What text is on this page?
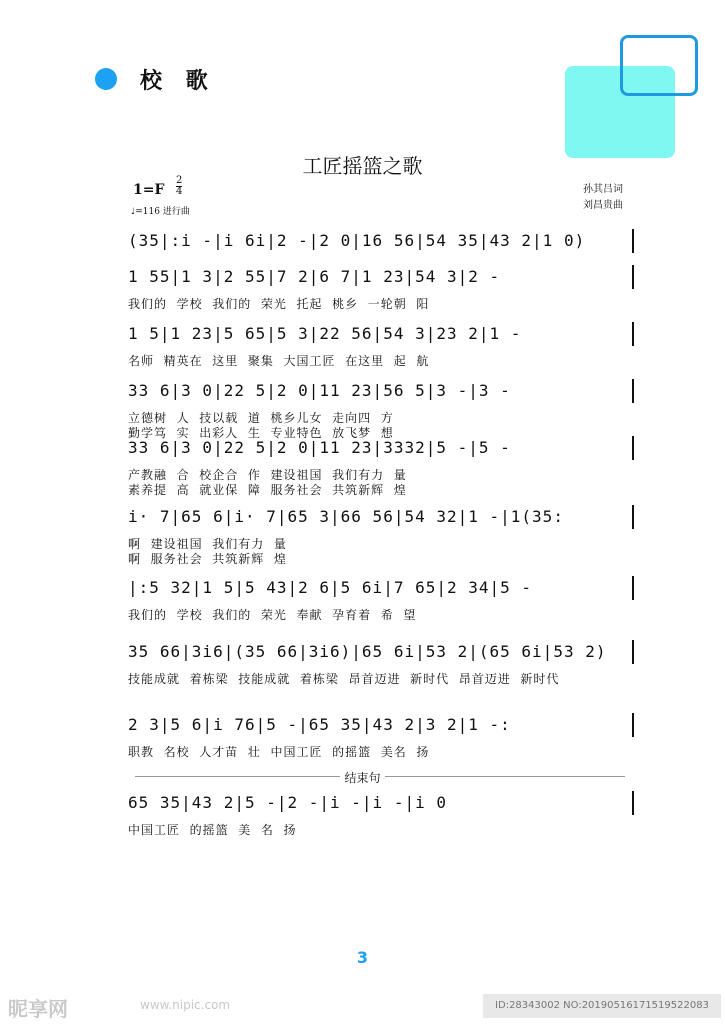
校 歌
工匠摇篮之歌
1=F
2
4
♩=116 进行曲
孙其吕词
刘昌贵曲
(35|:i -|i 6i|2 -|2 0|16 56|54 35|43 2|1 0)
1 55|1 3|2 55|7 2|6 7|1 23|54 3|2 -
我们的  学校  我们的  荣光  托起  桃乡  一轮朝  阳
1 5|1 23|5 65|5 3|22 56|54 3|23 2|1 -
名师  精英在  这里  聚集  大国工匠  在这里  起  航
33 6|3 0|22 5|2 0|11 23|56 5|3 -|3 -
立德树  人  技以载  道  桃乡儿女  走向四  方
勤学笃  实  出彩人  生  专业特色  放飞梦  想
33 6|3 0|22 5|2 0|11 23|3332|5 -|5 -
产教融  合  校企合  作  建设祖国  我们有力  量
素养提  高  就业保  障  服务社会  共筑新辉  煌
i· 7|65 6|i· 7|65 3|66 56|54 32|1 -|1(35:
啊  建设祖国  我们有力  量
啊  服务社会  共筑新辉  煌
|:5 32|1 5|5 43|2 6|5 6i|7 65|2 34|5 -
我们的  学校  我们的  荣光  奉献  孕育着  希  望
35 66|3i6|(35 66|3i6)|65 6i|53 2|(65 6i|53 2)
技能成就  着栋梁  技能成就  着栋梁  昂首迈进  新时代  昂首迈进  新时代
2 3|5 6|i 76|5 -|65 35|43 2|3 2|1 -:
职教  名校  人才苗  壮  中国工匠  的摇篮  美名  扬
65 35|43 2|5 -|2 -|i -|i -|i 0
中国工匠  的摇篮  美  名  扬
结束句
3
昵享网	www.nipic.com	ID:28343002 NO:20190516171519522083
